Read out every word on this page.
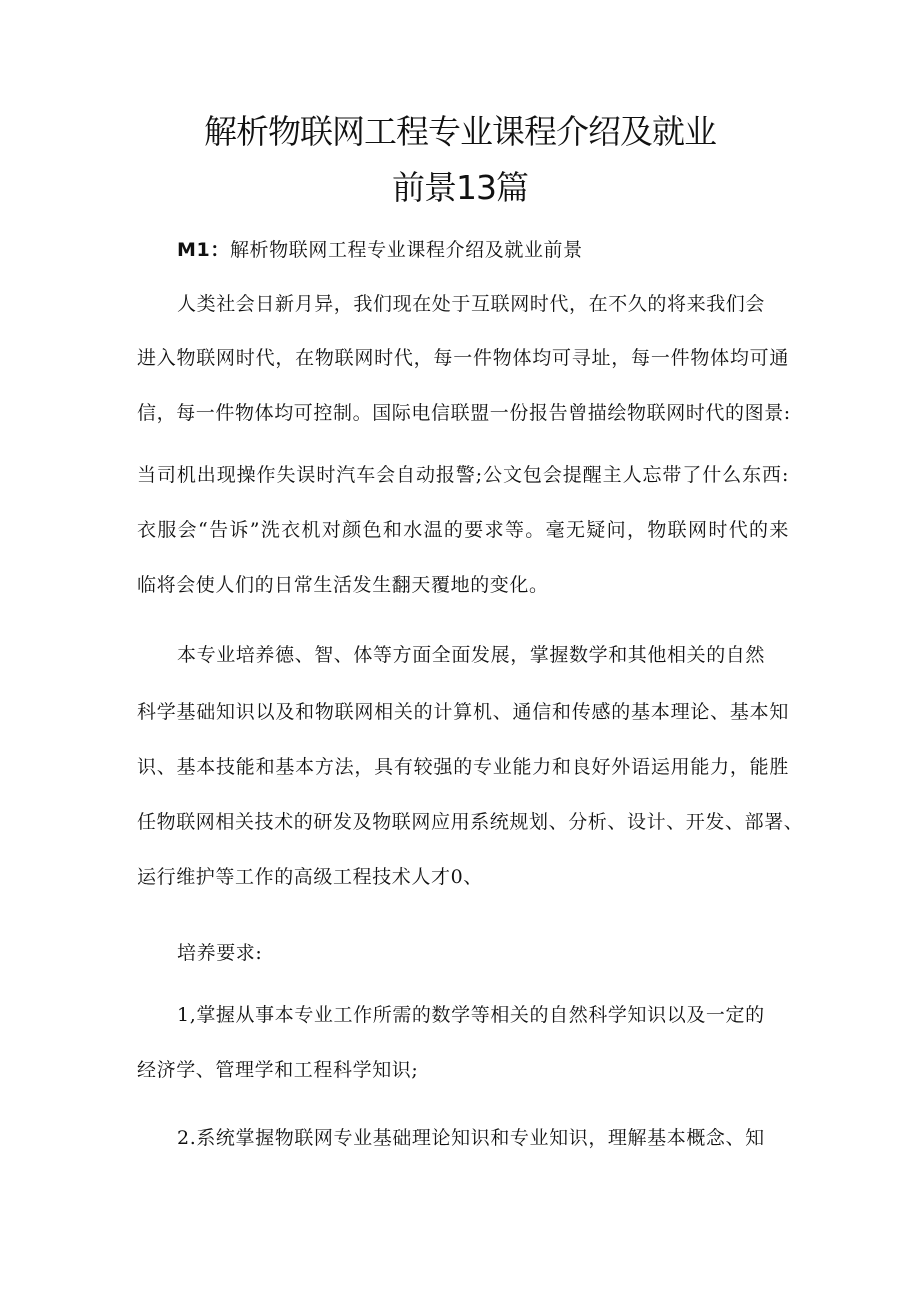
解析物联网工程专业课程介绍及就业
前景13篇

M1：解析物联网工程专业课程介绍及就业前景

人类社会日新月异，我们现在处于互联网时代，在不久的将来我们会

进入物联网时代，在物联网时代，每一件物体均可寻址，每一件物体均可通

信，每一件物体均可控制。国际电信联盟一份报告曾描绘物联网时代的图景:

当司机出现操作失误时汽车会自动报警;公文包会提醒主人忘带了什么东西:

衣服会“告诉”洗衣机对颜色和水温的要求等。毫无疑问，物联网时代的来

临将会使人们的日常生活发生翻天覆地的变化。

本专业培养德、智、体等方面全面发展，掌握数学和其他相关的自然

科学基础知识以及和物联网相关的计算机、通信和传感的基本理论、基本知

识、基本技能和基本方法，具有较强的专业能力和良好外语运用能力，能胜

任物联网相关技术的研发及物联网应用系统规划、分析、设计、开发、部署、

运行维护等工作的高级工程技术人才0、

培养要求:

1,掌握从事本专业工作所需的数学等相关的自然科学知识以及一定的

经济学、管理学和工程科学知识;

2.系统掌握物联网专业基础理论知识和专业知识，理解基本概念、知
